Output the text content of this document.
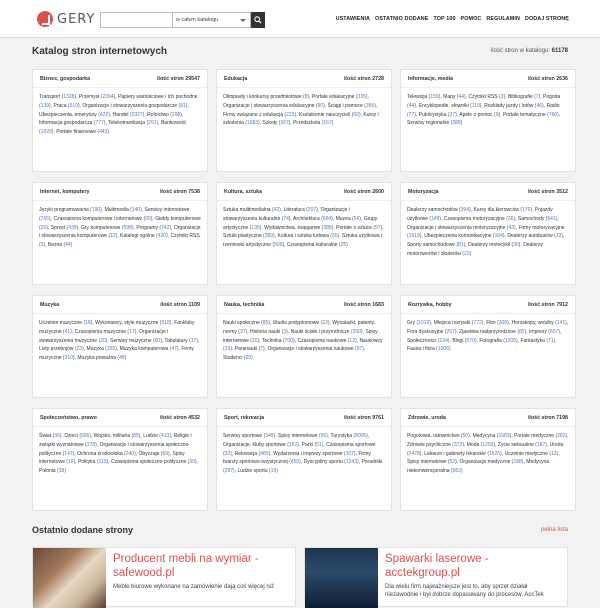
GERY	w całym katalogu	USTAWIENIA OSTATNIO DODANE TOP 100 POMOC REGULAMIN DODAJ STRONĘ
Katalog stron internetowych	ilość stron w katalogu: 61178
Biznes, gospodarka	ilość stron 29547
Transport (1328), Przemysł (2394), Papiery wartościowe i ich pochodne (139), Praca (519), Organizacje i stowarzyszenia gospodarcze (81), Ubezpieczenia, emerytury (422), Handel (2327), Rolnictwo (298), Informacja gospodarcza (777), Telekomunikacja (291), Bankowość (1029), Portale finansowe (443)
Edukacja	ilość stron 2728
Olimpiady i konkursy przedmiotowe (8), Portale edukacyjne (335), Organizacje i stowarzyszenia edukacyjne (90), Ściągi i pomoce (355), Firmy związane z edukacją (223), Kształcenie nauczycieli (60), Kursy i szkolenia (1683), Szkoły (367), Przedszkola (167)
Informacje, media	ilość stron 2636
Telewizja (159), Mapy (44), Czytniki RSS (3), Bibliografie (7), Pogoda (44), Encyklopedie, słowniki (119), Rozkłady jazdy i lotów (46), Radio (77), Publicystyka (37), Apele o pomoc (9), Portale tematyczne (766), Serwisy regionalne (388)
Internet, komputery	ilość stron 7538
Języki programowania (190), Multimedia (140), Serwisy internetowe (765), Czasopisma komputerowe i internetowe (65), Giełdy komputerowe (26), Sprzęt (439), Gry komputerowe (598), Programy (742), Organizacje i stowarzyszenia komputerowe (12), Katalogi ogólne (420), Czytniki RSS (3), Bezna (44)
Kultura, sztuka	ilość stron 2600
Sztuka multimedialna (42), Literatura (207), Organizacje i stowarzyszenia kulturalne (74), Architektura (664), Muzea (56), Grupy artystyczne (135), Wydawnictwa, księgarnie (388), Portale o sztuce (57), Sztuki plastyczne (389), Kultura i sztuka ludowa (55), Sztuka użytkowa i rzemiosło artystyczne (509), Czasopisma kulturalne (25)
Motoryzacja	ilość stron 3512
Dealerzy samochodów (394), Kursy dla kierowców (170), Pojazdy użytkowe (149), Czasopisma motoryzacyjne (36), Samochody (641), Organizacje i stowarzyszenia motoryzacyjne (43), Firmy motoryzacyjne (1919), Ubezpieczenia komunikacyjne (104), Dealerzy autobusów (13), Sporty samochodowe (81), Dealerzy motocykli (30), Dealerzy motorowerów i skuterów (23)
Muzyka	ilość stron 1109
Uczelnie muzyczne (18), Wykonawcy, style muzyczne (518), Fankluby muzyczne (41), Czasopisma muzyczne (17), Organizacje i stowarzyszenia muzyczne (20), Serwisy muzyczne (60), Tabulatury (17), Listy przebojów (23), Muzyka (255), Muzyka komputerowa (47), Firmy muzyczne (310), Muzyka poważna (48)
Nauka, technika	ilość stron 1683
Nauki społeczne (85), Studia podyplomowe (23), Wynalazki, patenty, normy (37), Historia nauki (3), Nauki ścisłe i przyrodnicze (250), Spisy internetowe (20), Technika (700), Czasopisma naukowe (12), Naukowcy (29), Paranauki (7), Organizacje i stowarzyszenia naukowe (97), Studenci (69)
Rozrywka, hobby	ilość stron 7912
Gry (1019), Miejsca rozrywki (772), Film (308), Horoskopy, wróżby (141), Fora dyskusyjne (257), Zjawiska nadprzyrodzone (85), Imprezy (607), Społeczności (134), Blogi (570), Fotografia (1205), Fantastyka (71), Fauna i flora (1006)
Społeczeństwo, prawo	ilość stron 4532
Świat (36), Dzieci (696), Wojsko, militaria (85), Ludzie (413), Religie i związki wyznaniowe (278), Organizacje i stowarzyszenia społeczno-polityczne (147), Ochrona środowiska (240), Obyczaje (69), Spisy internetowe (19), Polityka (113), Czasopisma społeczno-polityczne (30), Polonia (38)
Sport, rekreacja	ilość stron 9761
Serwisy sportowe (349), Spisy internetowe (66), Turystyka (8005), Organizacje, kluby sportowe (153), Parki (51), Czasopisma sportowe (32), Rekreacja (485), Wydarzenia i imprezy sportowe (107), Firmy branży sportowo-turystycznej (450), Dyscypliny sportu (1243), Poradniki (287), Ludzie sportu (19)
Zdrowie, uroda	ilość stron 7198
Pogotowia, ratownictwo (50), Medycyna (1583), Portale medyczne (282), Zdrowie psychiczne (372), Moda (1259), Życie seksualne (187), Uroda (2478), Lekarze i gabinety lekarskie (1625), Uczelnie medyczne (12), Spisy internetowe (52), Organizacje medyczne (188), Medycyna niekonwencjonalna (563)
Ostatnio dodane strony	pełna lista
Producent mebli na wymiar - safewood.pl
Meble biurowe wykonane na zamówienie dają coś więcej niż
Spawarki laserowe - acctekgroup.pl
Dla wielu firm najważniejsze jest to, aby sprzęt działał niezawodnie i był dobrze dopasowany do procesów. AccTek
